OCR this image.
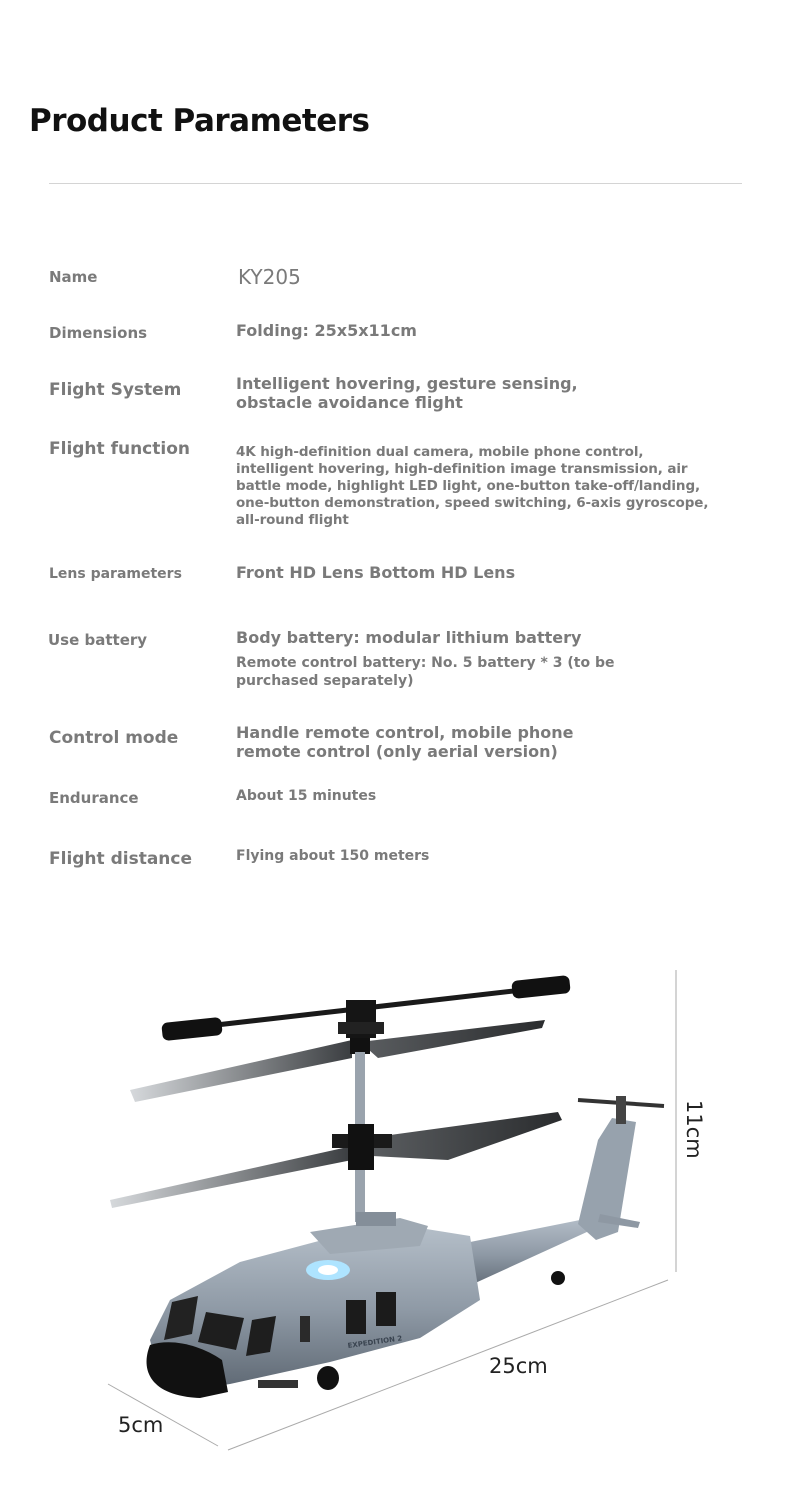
Product Parameters
Name	KY205
Dimensions	Folding: 25x5x11cm
Flight System	Intelligent hovering, gesture sensing, obstacle avoidance flight
Flight function	4K high-definition dual camera, mobile phone control, intelligent hovering, high-definition image transmission, air battle mode, highlight LED light, one-button take-off/landing, one-button demonstration, speed switching, 6-axis gyroscope, all-round flight
Lens parameters	Front HD Lens Bottom HD Lens
Use battery	Body battery: modular lithium battery
Remote control battery: No. 5 battery * 3 (to be purchased separately)
Control mode	Handle remote control, mobile phone remote control (only aerial version)
Endurance	About 15 minutes
Flight distance	Flying about 150 meters
EXPEDITION 2
11cm
25cm
5cm
